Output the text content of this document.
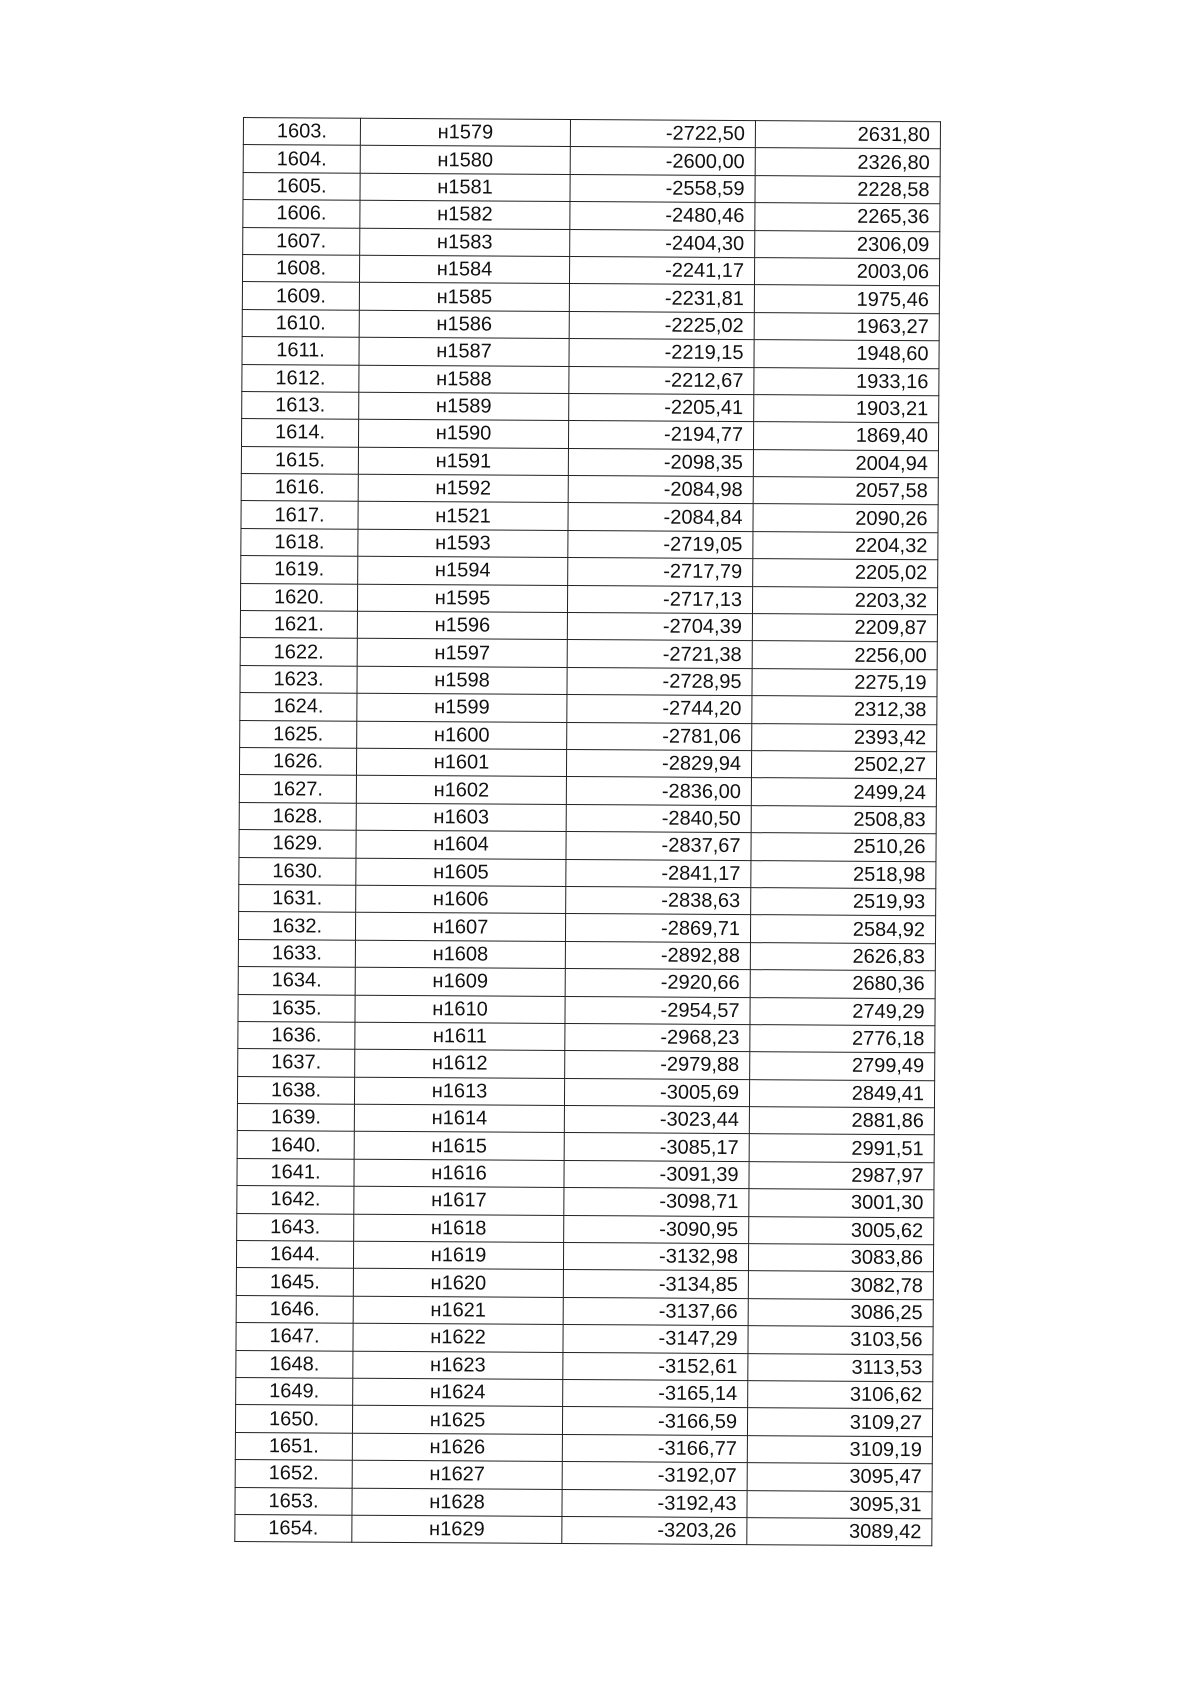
1603.	н1579	-2722,50	2631,80
1604.	н1580	-2600,00	2326,80
1605.	н1581	-2558,59	2228,58
1606.	н1582	-2480,46	2265,36
1607.	н1583	-2404,30	2306,09
1608.	н1584	-2241,17	2003,06
1609.	н1585	-2231,81	1975,46
1610.	н1586	-2225,02	1963,27
1611.	н1587	-2219,15	1948,60
1612.	н1588	-2212,67	1933,16
1613.	н1589	-2205,41	1903,21
1614.	н1590	-2194,77	1869,40
1615.	н1591	-2098,35	2004,94
1616.	н1592	-2084,98	2057,58
1617.	н1521	-2084,84	2090,26
1618.	н1593	-2719,05	2204,32
1619.	н1594	-2717,79	2205,02
1620.	н1595	-2717,13	2203,32
1621.	н1596	-2704,39	2209,87
1622.	н1597	-2721,38	2256,00
1623.	н1598	-2728,95	2275,19
1624.	н1599	-2744,20	2312,38
1625.	н1600	-2781,06	2393,42
1626.	н1601	-2829,94	2502,27
1627.	н1602	-2836,00	2499,24
1628.	н1603	-2840,50	2508,83
1629.	н1604	-2837,67	2510,26
1630.	н1605	-2841,17	2518,98
1631.	н1606	-2838,63	2519,93
1632.	н1607	-2869,71	2584,92
1633.	н1608	-2892,88	2626,83
1634.	н1609	-2920,66	2680,36
1635.	н1610	-2954,57	2749,29
1636.	н1611	-2968,23	2776,18
1637.	н1612	-2979,88	2799,49
1638.	н1613	-3005,69	2849,41
1639.	н1614	-3023,44	2881,86
1640.	н1615	-3085,17	2991,51
1641.	н1616	-3091,39	2987,97
1642.	н1617	-3098,71	3001,30
1643.	н1618	-3090,95	3005,62
1644.	н1619	-3132,98	3083,86
1645.	н1620	-3134,85	3082,78
1646.	н1621	-3137,66	3086,25
1647.	н1622	-3147,29	3103,56
1648.	н1623	-3152,61	3113,53
1649.	н1624	-3165,14	3106,62
1650.	н1625	-3166,59	3109,27
1651.	н1626	-3166,77	3109,19
1652.	н1627	-3192,07	3095,47
1653.	н1628	-3192,43	3095,31
1654.	н1629	-3203,26	3089,42
